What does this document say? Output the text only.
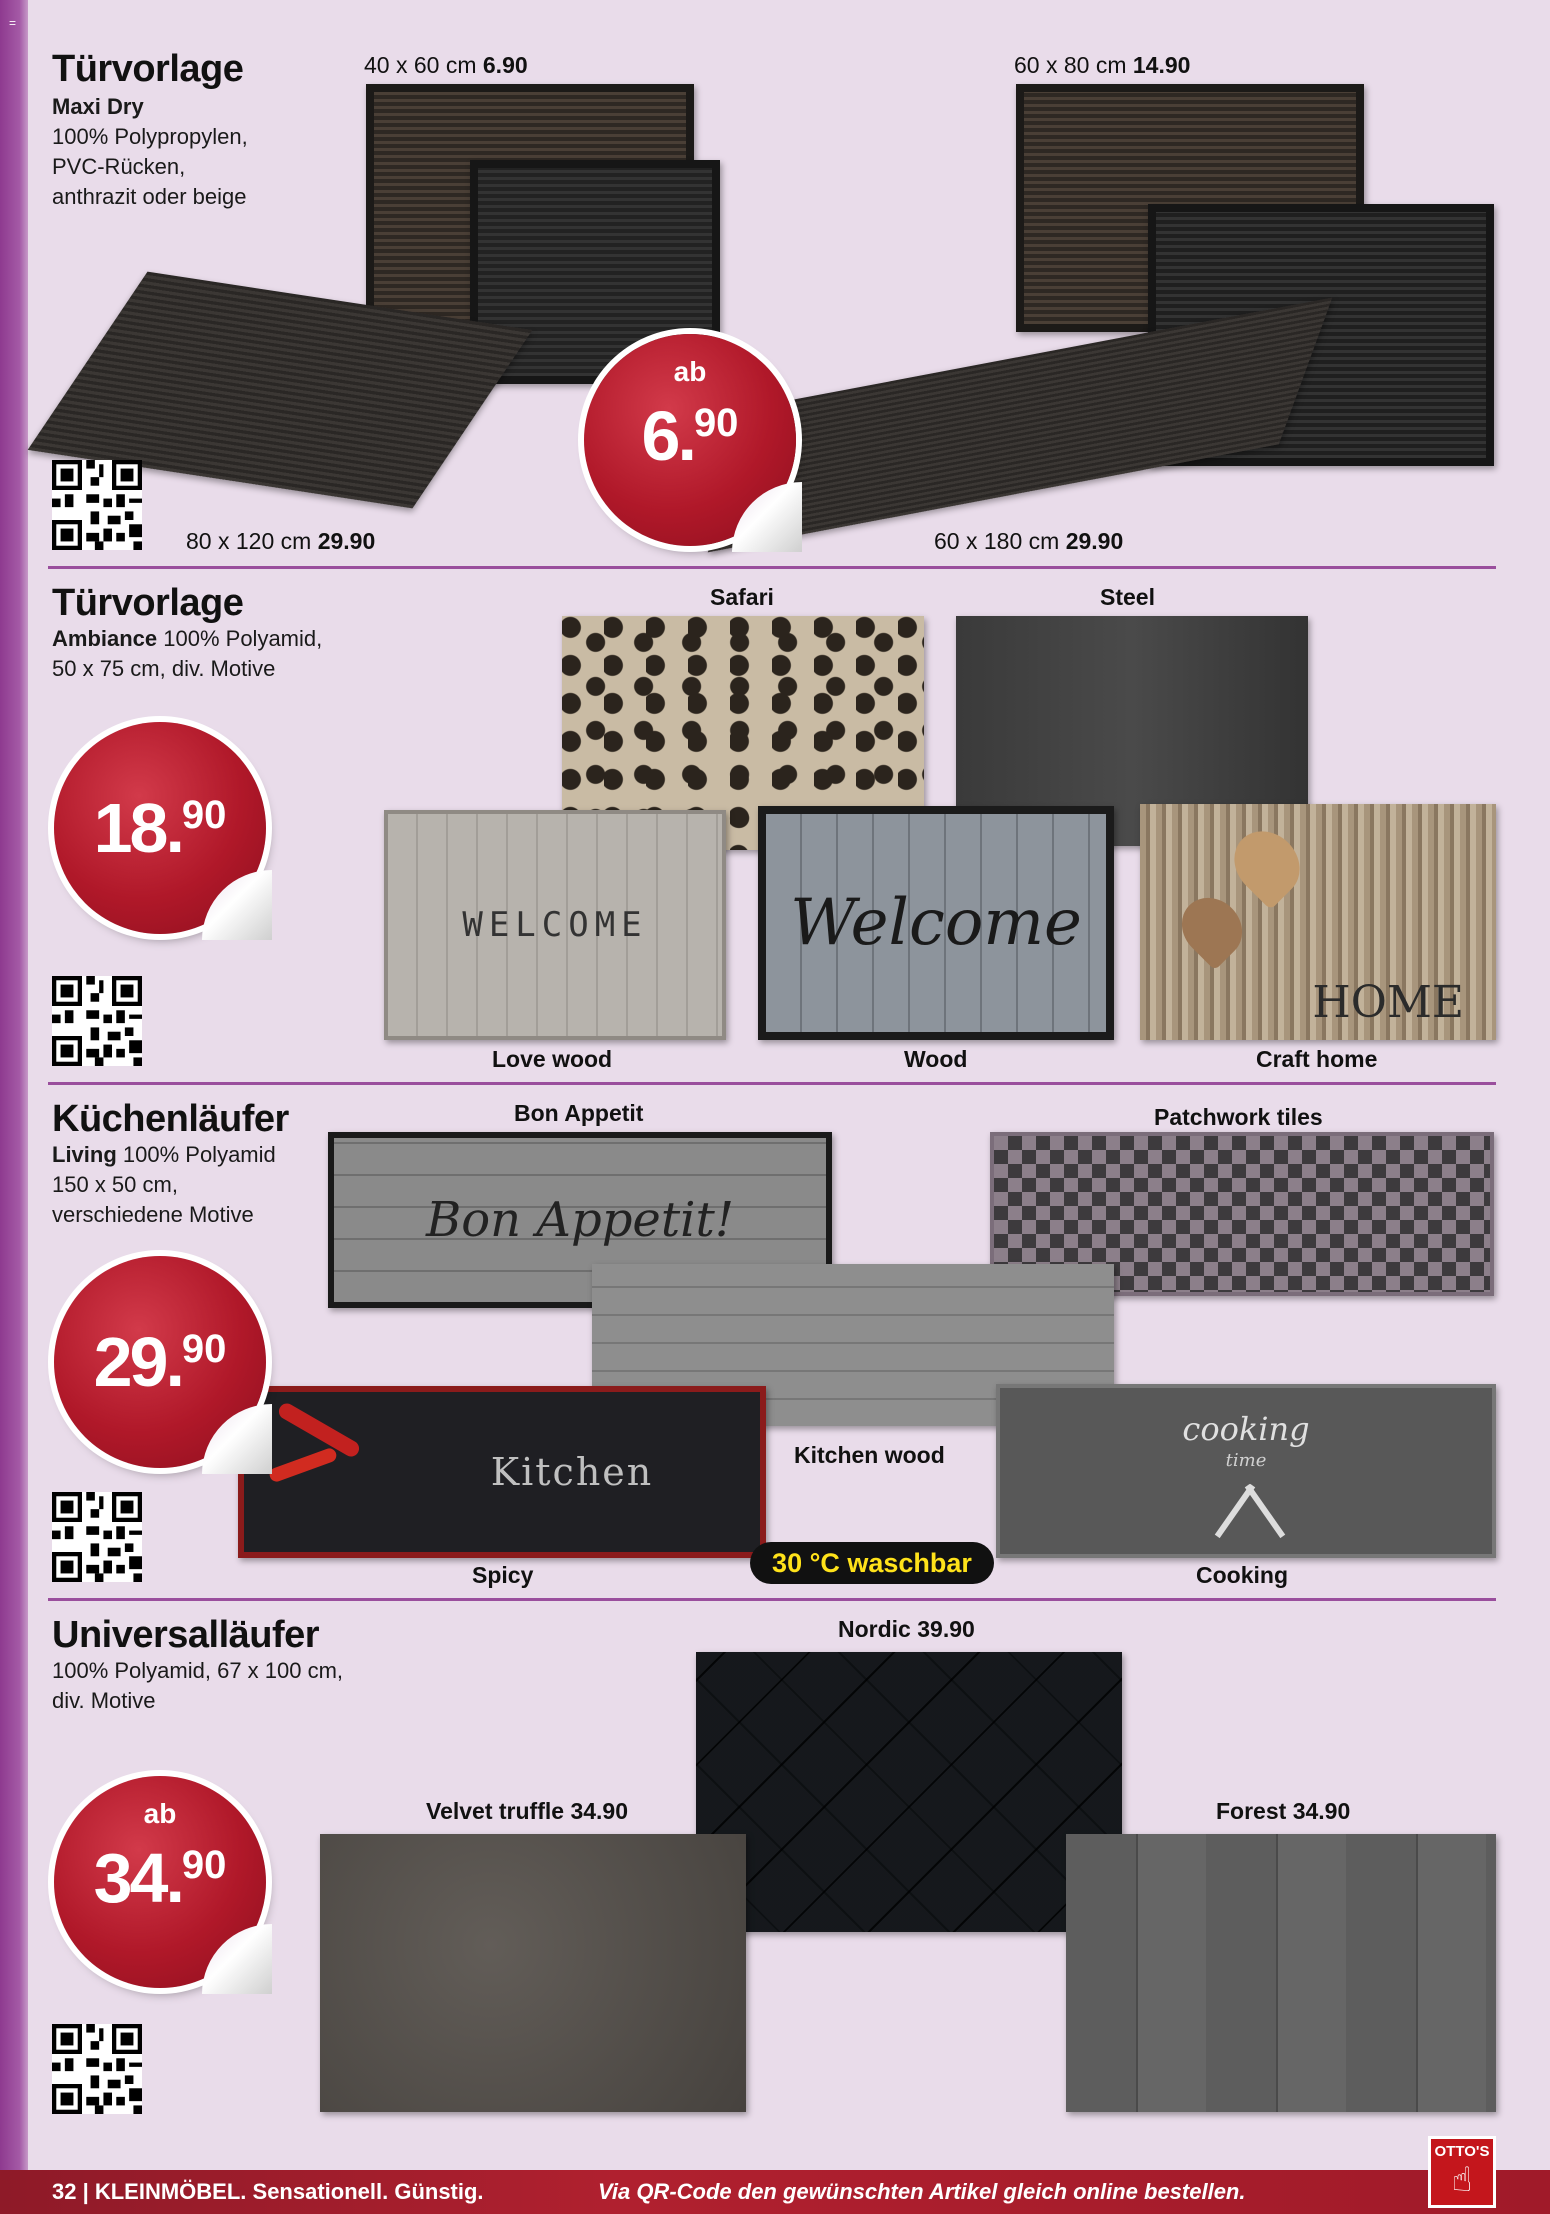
=
Türvorlage
Maxi Dry
100% Polypropylen,
PVC-Rücken,
anthrazit oder beige
40 x 60 cm 6.90	60 x 80 cm 14.90
80 x 120 cm 29.90	60 x 180 cm 29.90
ab
6.90
Türvorlage
Ambiance 100% Polyamid,
50 x 75 cm, div. Motive
Safari	Steel
Love wood	Wood	Craft home
WELCOME	Welcome
HOME
18.90
Küchenläufer
Living 100% Polyamid
150 x 50 cm,
verschiedene Motive
Bon Appetit	Patchwork tiles
Kitchen wood
Spicy	Cooking
Bon Appetit!
Kitchen
cooking
time
30 °C waschbar
29.90
Universalläufer
100% Polyamid, 67 x 100 cm,
div. Motive
Nordic 39.90
Velvet truffle 34.90	Forest 34.90
ab
34.90
32 | KLEINMÖBEL. Sensationell. Günstig.	Via QR-Code den gewünschten Artikel gleich online bestellen.
OTTO'S
☝
